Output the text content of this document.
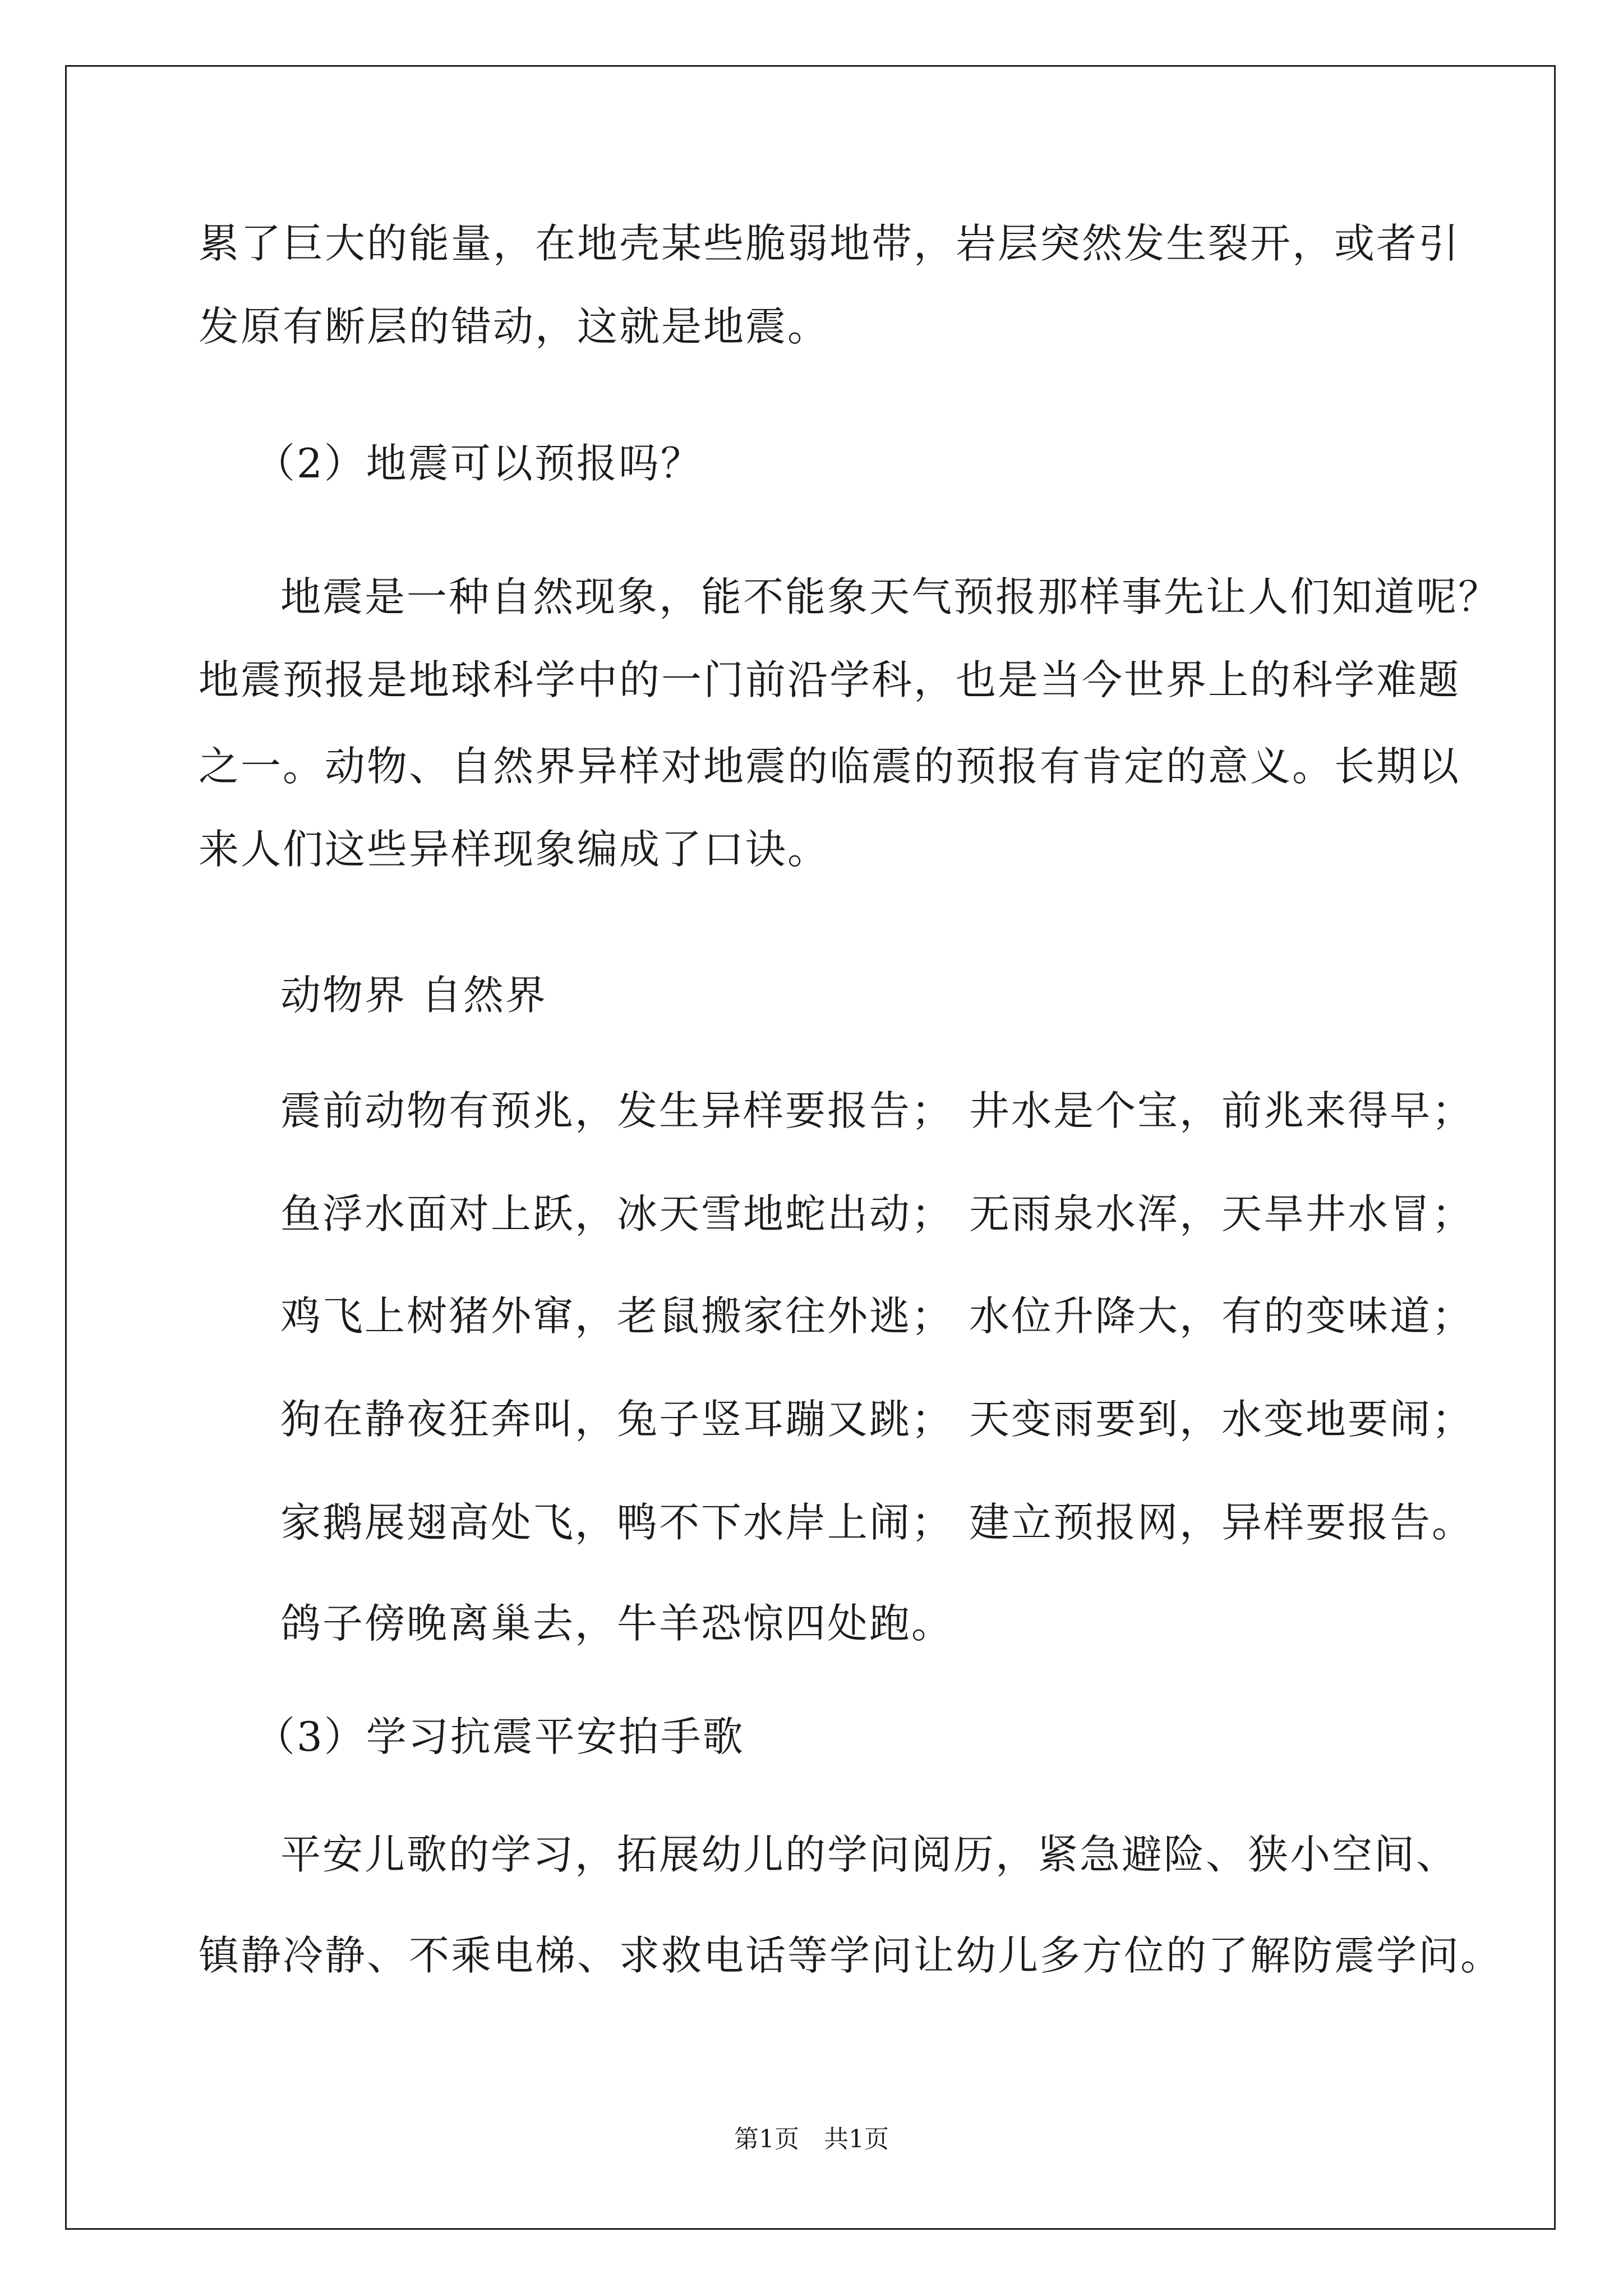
累了巨大的能量，在地壳某些脆弱地带，岩层突然发生裂开，或者引
发原有断层的错动，这就是地震。
（2）地震可以预报吗？
地震是一种自然现象，能不能象天气预报那样事先让人们知道呢？
地震预报是地球科学中的一门前沿学科，也是当今世界上的科学难题
之一。动物、自然界异样对地震的临震的预报有肯定的意义。长期以
来人们这些异样现象编成了口诀。
动物界 自然界
震前动物有预兆，发生异样要报告； 井水是个宝，前兆来得早；
鱼浮水面对上跃，冰天雪地蛇出动； 无雨泉水浑，天旱井水冒；
鸡飞上树猪外窜，老鼠搬家往外逃； 水位升降大，有的变味道；
狗在静夜狂奔叫，兔子竖耳蹦又跳； 天变雨要到，水变地要闹；
家鹅展翅高处飞，鸭不下水岸上闹； 建立预报网，异样要报告。
鸽子傍晚离巢去，牛羊恐惊四处跑。
（3）学习抗震平安拍手歌
平安儿歌的学习，拓展幼儿的学问阅历，紧急避险、狭小空间、
镇静冷静、不乘电梯、求救电话等学问让幼儿多方位的了解防震学问。
第1页　共1页
